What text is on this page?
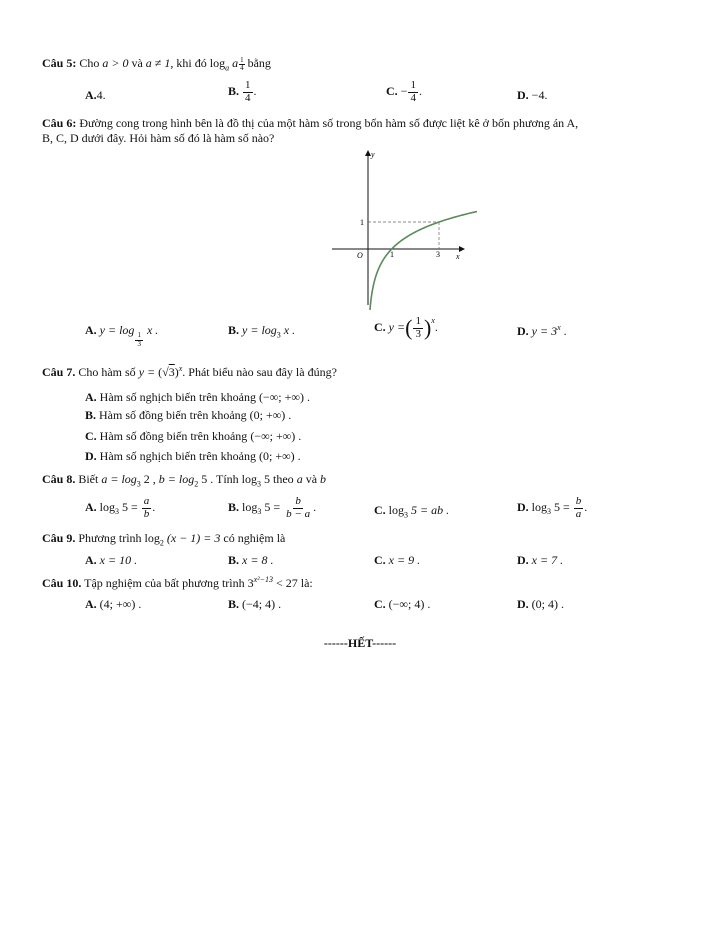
Câu 5: Cho a > 0 và a ≠ 1, khi đó $\log_a a \frac{1}{4}$ bằng
A.4.	B. $\frac{1}{4}$ .	C. − $\frac{1}{4}$ .	D. −4.
Câu 6: Đường cong trong hình bên là đồ thị của một hàm số trong bốn hàm số được liệt kê ở bốn phương án A,
B, C, D dưới đây. Hỏi hàm số đó là hàm số nào?
y
x
O	1	3
1
A. y = log
$\frac{1}{3}$
x .	B. $y = \log_3 x$ .	C. y =( $\frac{1}{3} )^x$.	D. $y = 3^x$ .
Câu 7. Cho hàm số $y = (√3)^x$. Phát biểu nào sau đây là đúng?
A. Hàm số nghịch biến trên khoảng (−∞; +∞) .
B. Hàm số đồng biến trên khoảng (0; +∞) .
C. Hàm số đồng biến trên khoảng (−∞; +∞) .
D. Hàm số nghịch biến trên khoảng (0; +∞) .
Câu 8. Biết $a = \log_3 2$ , $b = \log_2 5$ . Tính $\log_3 5$ theo a và b
A. $\log_3 5 = \frac{a}{b}$ .	B. $\log_3 5 = \frac{b}{b - a}$ .	C. $\log_3 5$ = ab .	D. $\log_3 5 = \frac{b}{a}$ .
Câu 9. Phương trình $\log_2 (x - 1) = 3$ có nghiệm là
A. x = 10 .	B. x = 8 .	C. x = 9 .	D. x = 7 .
Câu 10. Tập nghiệm của bất phương trình $3^{x^2-13} < 27$ là:
A. (4; +∞) .	B. (−4; 4) .	C. (−∞; 4) .	D. (0; 4) .
------HẾT------
